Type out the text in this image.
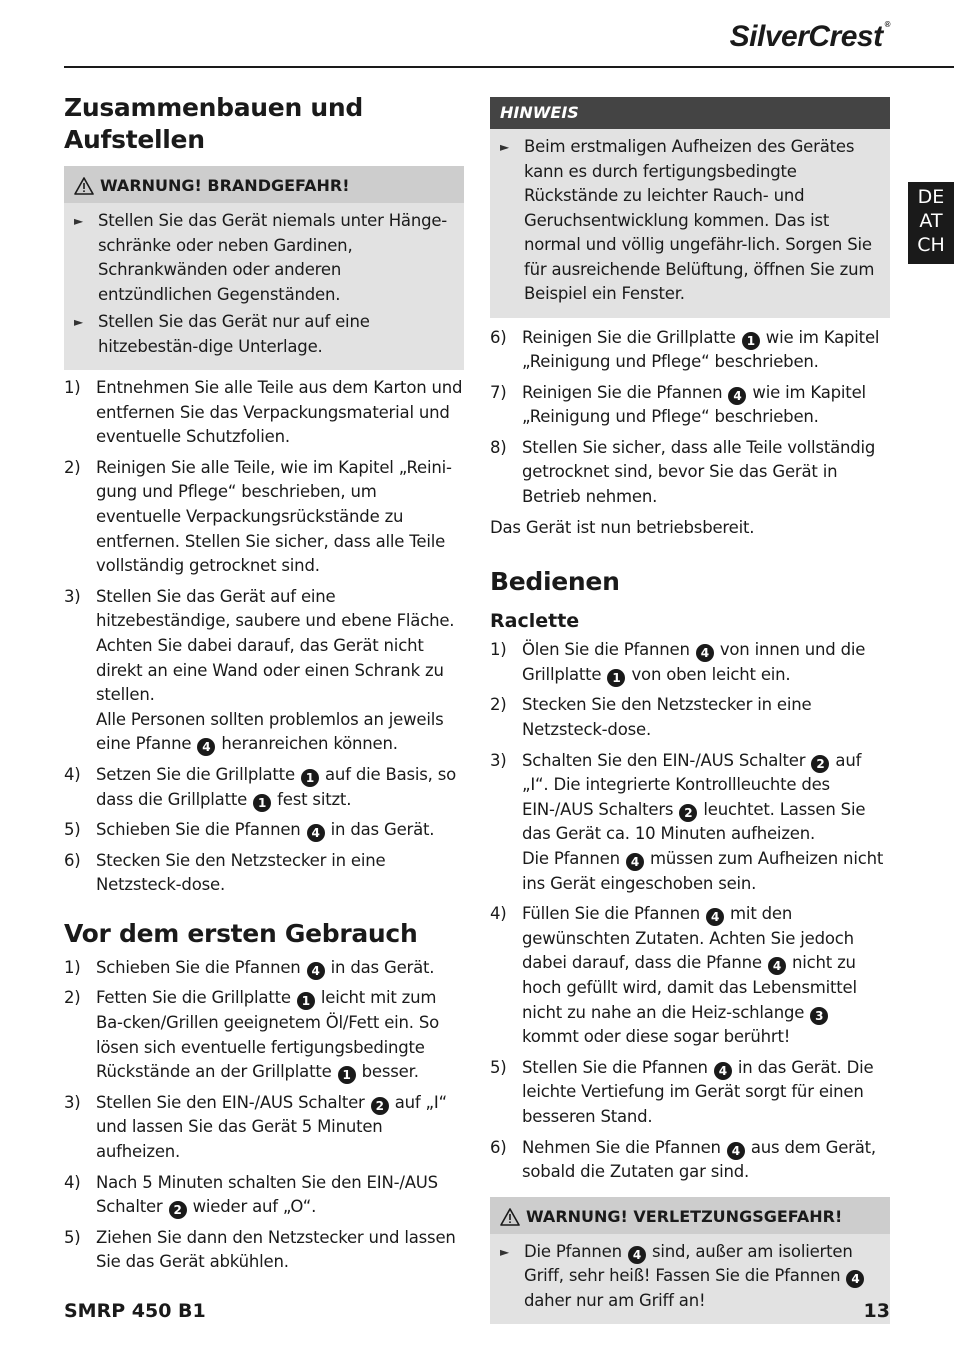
SilverCrest ®
DE
AT
CH
Zusammenbauen und Aufstellen
WARNUNG! BRANDGEFAHR!
► Stellen Sie das Gerät niemals unter Hänge-schränke oder neben Gardinen, Schrankwänden oder anderen entzündlichen Gegenständen.
► Stellen Sie das Gerät nur auf eine hitzebestän-dige Unterlage.
1) Entnehmen Sie alle Teile aus dem Karton und entfernen Sie das Verpackungsmaterial und eventuelle Schutzfolien.
2) Reinigen Sie alle Teile, wie im Kapitel „Reini-gung und Pflege“ beschrieben, um eventuelle Verpackungsrückstände zu entfernen. Stellen Sie sicher, dass alle Teile vollständig getrocknet sind.
3) Stellen Sie das Gerät auf eine hitzebeständige, saubere und ebene Fläche. Achten Sie dabei darauf, das Gerät nicht direkt an eine Wand oder einen Schrank zu stellen.
Alle Personen sollten problemlos an jeweils eine Pfanne 4 heranreichen können.
4) Setzen Sie die Grillplatte 1 auf die Basis, so dass die Grillplatte 1 fest sitzt.
5) Schieben Sie die Pfannen 4 in das Gerät.
6) Stecken Sie den Netzstecker in eine Netzsteck-dose.
Vor dem ersten Gebrauch
1) Schieben Sie die Pfannen 4 in das Gerät.
2) Fetten Sie die Grillplatte 1 leicht mit zum Ba-cken/Grillen geeignetem Öl/Fett ein. So lösen sich eventuelle fertigungsbedingte Rückstände an der Grillplatte 1 besser.
3) Stellen Sie den EIN-/AUS Schalter 2 auf „I“ und lassen Sie das Gerät 5 Minuten aufheizen.
4) Nach 5 Minuten schalten Sie den EIN-/AUS Schalter 2 wieder auf „O“.
5) Ziehen Sie dann den Netzstecker und lassen Sie das Gerät abkühlen.
HINWEIS
► Beim erstmaligen Aufheizen des Gerätes kann es durch fertigungsbedingte Rückstände zu leichter Rauch- und Geruchsentwicklung kommen. Das ist normal und völlig ungefähr-lich. Sorgen Sie für ausreichende Belüftung, öffnen Sie zum Beispiel ein Fenster.
6) Reinigen Sie die Grillplatte 1 wie im Kapitel „Reinigung und Pflege“ beschrieben.
7) Reinigen Sie die Pfannen 4 wie im Kapitel „Reinigung und Pflege“ beschrieben.
8) Stellen Sie sicher, dass alle Teile vollständig getrocknet sind, bevor Sie das Gerät in Betrieb nehmen.
Das Gerät ist nun betriebsbereit.
Bedienen
Raclette
1) Ölen Sie die Pfannen 4 von innen und die Grillplatte 1 von oben leicht ein.
2) Stecken Sie den Netzstecker in eine Netzsteck-dose.
3) Schalten Sie den EIN-/AUS Schalter 2 auf „I“. Die integrierte Kontrollleuchte des EIN-/AUS Schalters 2 leuchtet. Lassen Sie das Gerät ca. 10 Minuten aufheizen.
Die Pfannen 4 müssen zum Aufheizen nicht ins Gerät eingeschoben sein.
4) Füllen Sie die Pfannen 4 mit den gewünschten Zutaten. Achten Sie jedoch dabei darauf, dass die Pfanne 4 nicht zu hoch gefüllt wird, damit das Lebensmittel nicht zu nahe an die Heiz-schlange 3 kommt oder diese sogar berührt!
5) Stellen Sie die Pfannen 4 in das Gerät. Die leichte Vertiefung im Gerät sorgt für einen besseren Stand.
6) Nehmen Sie die Pfannen 4 aus dem Gerät, sobald die Zutaten gar sind.
WARNUNG! VERLETZUNGSGEFAHR!
► Die Pfannen 4 sind, außer am isolierten Griff, sehr heiß! Fassen Sie die Pfannen 4 daher nur am Griff an!
SMRP 450 B1	13
